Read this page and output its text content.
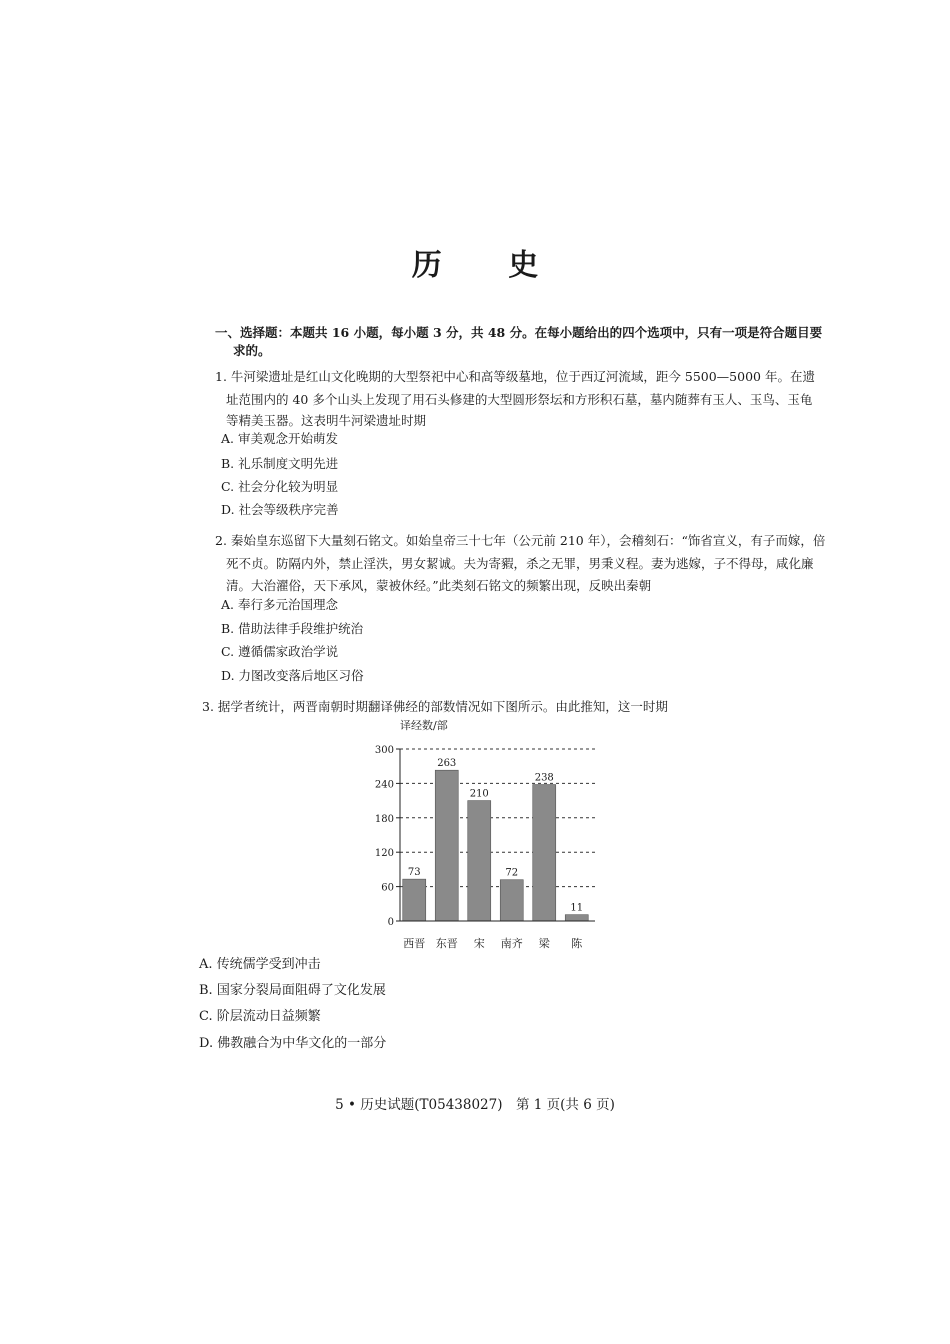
历 史
一、选择题：本题共 16 小题，每小题 3 分，共 48 分。在每小题给出的四个选项中，只有一项是符合题目要
求的。
1. 牛河梁遗址是红山文化晚期的大型祭祀中心和高等级墓地，位于西辽河流域，距今 5500—5000 年。在遗
址范围内的 40 多个山头上发现了用石头修建的大型圆形祭坛和方形积石墓，墓内随葬有玉人、玉鸟、玉龟
等精美玉器。这表明牛河梁遗址时期
A. 审美观念开始萌发
B. 礼乐制度文明先进
C. 社会分化较为明显
D. 社会等级秩序完善
2. 秦始皇东巡留下大量刻石铭文。如始皇帝三十七年（公元前 210 年），会稽刻石：“饰省宣义，有子而嫁，倍
死不贞。防隔内外，禁止淫泆，男女絜诚。夫为寄豭，杀之无罪，男秉义程。妻为逃嫁，子不得母，咸化廉
清。大治濯俗，天下承风，蒙被休经。”此类刻石铭文的频繁出现，反映出秦朝
A. 奉行多元治国理念
B. 借助法律手段维护统治
C. 遵循儒家政治学说
D. 力图改变落后地区习俗
3. 据学者统计，两晋南朝时期翻译佛经的部数情况如下图所示。由此推知，这一时期
译经数/部
0
60
120
180
240
300
73
263
210
72
238
11
西晋 东晋 宋 南齐 梁 陈
A. 传统儒学受到冲击
B. 国家分裂局面阻碍了文化发展
C. 阶层流动日益频繁
D. 佛教融合为中华文化的一部分
5 • 历史试题(T05438027)　第 1 页(共 6 页)
